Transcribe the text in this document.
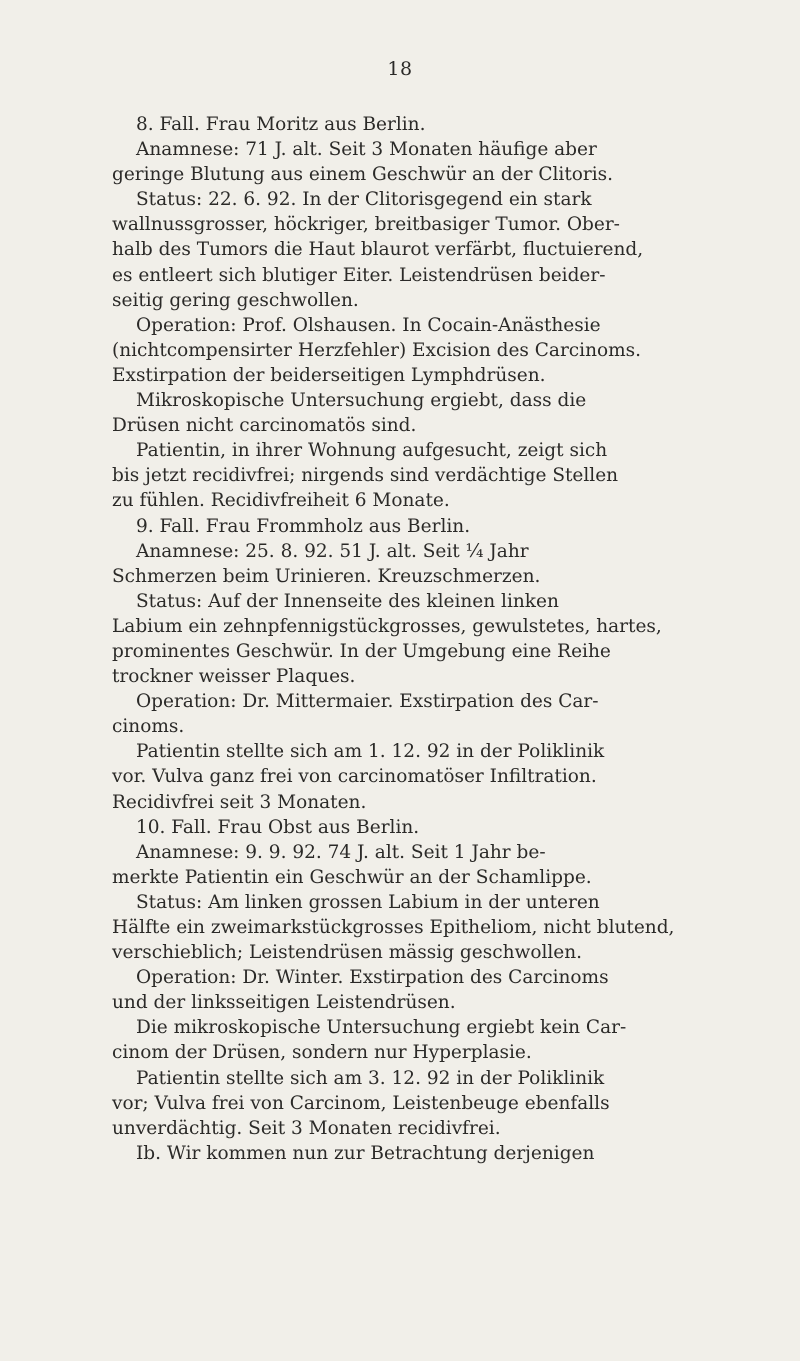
18
8. Fall. Frau Moritz aus Berlin.
Anamnese: 71 J. alt. Seit 3 Monaten häufige aber
geringe Blutung aus einem Geschwür an der Clitoris.
Status: 22. 6. 92. In der Clitorisgegend ein stark
wallnussgrosser, höckriger, breitbasiger Tumor. Ober-
halb des Tumors die Haut blaurot verfärbt, fluctuierend,
es entleert sich blutiger Eiter. Leistendrüsen beider-
seitig gering geschwollen.
Operation: Prof. Olshausen. In Cocain-Anästhesie
(nichtcompensirter Herzfehler) Excision des Carcinoms.
Exstirpation der beiderseitigen Lymphdrüsen.
Mikroskopische Untersuchung ergiebt, dass die
Drüsen nicht carcinomatös sind.
Patientin, in ihrer Wohnung aufgesucht, zeigt sich
bis jetzt recidivfrei; nirgends sind verdächtige Stellen
zu fühlen. Recidivfreiheit 6 Monate.
9. Fall. Frau Frommholz aus Berlin.
Anamnese: 25. 8. 92. 51 J. alt. Seit ¼ Jahr
Schmerzen beim Urinieren. Kreuzschmerzen.
Status: Auf der Innenseite des kleinen linken
Labium ein zehnpfennigstückgrosses, gewulstetes, hartes,
prominentes Geschwür. In der Umgebung eine Reihe
trockner weisser Plaques.
Operation: Dr. Mittermaier. Exstirpation des Car-
cinoms.
Patientin stellte sich am 1. 12. 92 in der Poliklinik
vor. Vulva ganz frei von carcinomatöser Infiltration.
Recidivfrei seit 3 Monaten.
10. Fall. Frau Obst aus Berlin.
Anamnese: 9. 9. 92. 74 J. alt. Seit 1 Jahr be-
merkte Patientin ein Geschwür an der Schamlippe.
Status: Am linken grossen Labium in der unteren
Hälfte ein zweimarkstückgrosses Epitheliom, nicht blutend,
verschieblich; Leistendrüsen mässig geschwollen.
Operation: Dr. Winter. Exstirpation des Carcinoms
und der linksseitigen Leistendrüsen.
Die mikroskopische Untersuchung ergiebt kein Car-
cinom der Drüsen, sondern nur Hyperplasie.
Patientin stellte sich am 3. 12. 92 in der Poliklinik
vor; Vulva frei von Carcinom, Leistenbeuge ebenfalls
unverdächtig. Seit 3 Monaten recidivfrei.
Ib. Wir kommen nun zur Betrachtung derjenigen
